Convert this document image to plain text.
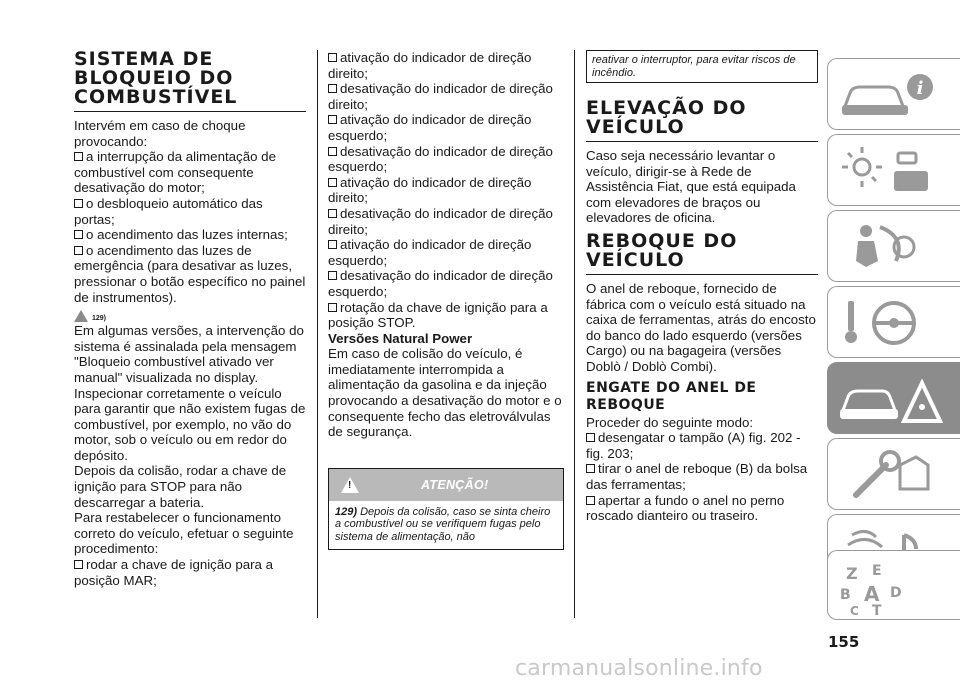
SISTEMA DE
BLOQUEIO DO
COMBUSTÍVEL

Intervém em caso de choque provocando:

a interrupção da alimentação de combustível com consequente desativação do motor;
o desbloqueio automático das portas;
o acendimento das luzes internas;
o acendimento das luzes de emergência (para desativar as luzes, pressionar o botão específico no painel de instrumentos).
129)

Em algumas versões, a intervenção do sistema é assinalada pela mensagem "Bloqueio combustível ativado ver manual" visualizada no display.

Inspecionar corretamente o veículo para garantir que não existem fugas de combustível, por exemplo, no vão do motor, sob o veículo ou em redor do depósito.

Depois da colisão, rodar a chave de ignição para STOP para não descarregar a bateria.

Para restabelecer o funcionamento correto do veículo, efetuar o seguinte procedimento:

rodar a chave de ignição para a posição MAR;
ativação do indicador de direção direito;
desativação do indicador de direção direito;
ativação do indicador de direção esquerdo;
desativação do indicador de direção esquerdo;
ativação do indicador de direção direito;
desativação do indicador de direção direito;
ativação do indicador de direção esquerdo;
desativação do indicador de direção esquerdo;
rotação da chave de ignição para a posição STOP.
Versões Natural Power

Em caso de colisão do veículo, é imediatamente interrompida a alimentação da gasolina e da injeção provocando a desativação do motor e o consequente fecho das eletroválvulas de segurança.

!	ATENÇÃO!
129) Depois da colisão, caso se sinta cheiro a combustível ou se verifiquem fugas pelo sistema de alimentação, não
reativar o interruptor, para evitar riscos de incêndio.
ELEVAÇÃO DO
VEÍCULO

Caso seja necessário levantar o veículo, dirigir-se à Rede de Assistência Fiat, que está equipada com elevadores de braços ou elevadores de oficina.

REBOQUE DO
VEÍCULO

O anel de reboque, fornecido de fábrica com o veículo está situado na caixa de ferramentas, atrás do encosto do banco do lado esquerdo (versões Cargo) ou na bagageira (versões Doblò / Doblò Combi).

ENGATE DO ANEL DE
REBOQUE

Proceder do seguinte modo:

desengatar o tampão (A) fig. 202 - fig. 203;
tirar o anel de reboque (B) da bolsa das ferramentas;
apertar a fundo o anel no perno roscado dianteiro ou traseiro.
i
Z E
B A D
C T
155
carmanualsonline.info
